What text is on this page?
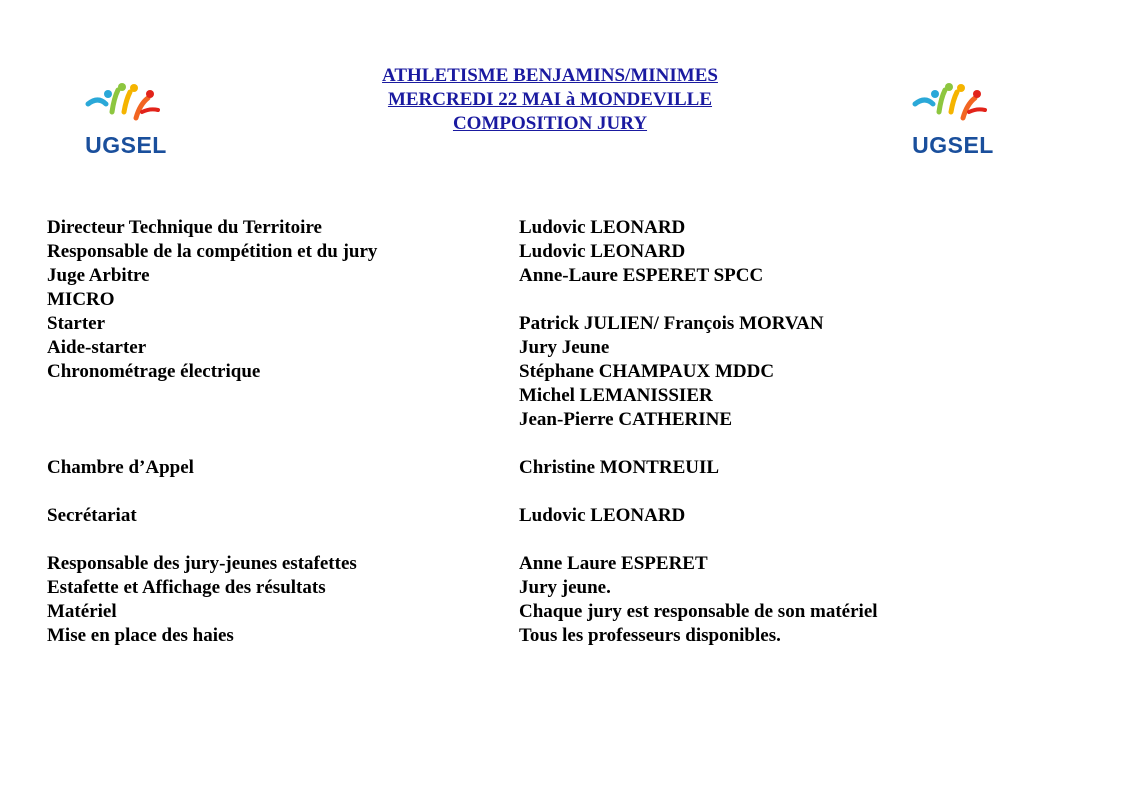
UGSEL
ATHLETISME BENJAMINS/MINIMES
MERCREDI 22 MAI à MONDEVILLE
COMPOSITION JURY
UGSEL
Directeur Technique du Territoire	Ludovic LEONARD
Responsable de la compétition et du jury	Ludovic LEONARD
Juge Arbitre	Anne-Laure ESPERET SPCC
MICRO
Starter	Patrick JULIEN/ François MORVAN
Aide-starter	Jury Jeune
Chronométrage électrique	Stéphane CHAMPAUX MDDC
Michel LEMANISSIER
Jean-Pierre CATHERINE
Chambre d’Appel	Christine MONTREUIL
Secrétariat	Ludovic LEONARD
Responsable des jury-jeunes estafettes	Anne Laure ESPERET
Estafette et Affichage des résultats	Jury jeune.
Matériel	Chaque jury est responsable de son matériel
Mise en place des haies	Tous les professeurs disponibles.
